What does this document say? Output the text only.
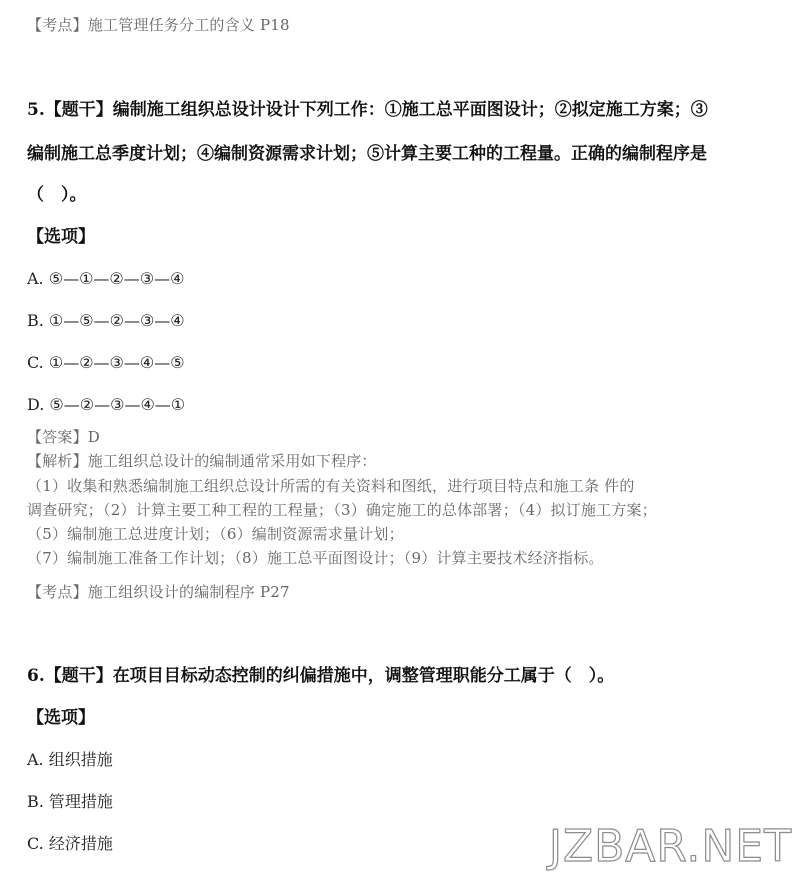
【考点】施工管理任务分工的含义 P18
5.【题干】编制施工组织总设计设计下列工作：①施工总平面图设计；②拟定施工方案；③
编制施工总季度计划；④编制资源需求计划；⑤计算主要工种的工程量。正确的编制程序是
（　）。
【选项】
A. ⑤—①—②—③—④
B. ①—⑤—②—③—④
C. ①—②—③—④—⑤
D. ⑤—②—③—④—①
【答案】D
【解析】施工组织总设计的编制通常采用如下程序：
（1）收集和熟悉编制施工组织总设计所需的有关资料和图纸，进行项目特点和施工条 件的
调查研究；（2）计算主要工种工程的工程量；（3）确定施工的总体部署；（4）拟订施工方案；
（5）编制施工总进度计划；（6）编制资源需求量计划；
（7）编制施工准备工作计划；（8）施工总平面图设计；（9）计算主要技术经济指标。
【考点】施工组织设计的编制程序 P27
6.【题干】在项目目标动态控制的纠偏措施中，调整管理职能分工属于（　）。
【选项】
A. 组织措施
B. 管理措施
C. 经济措施	JZBAR.NET
